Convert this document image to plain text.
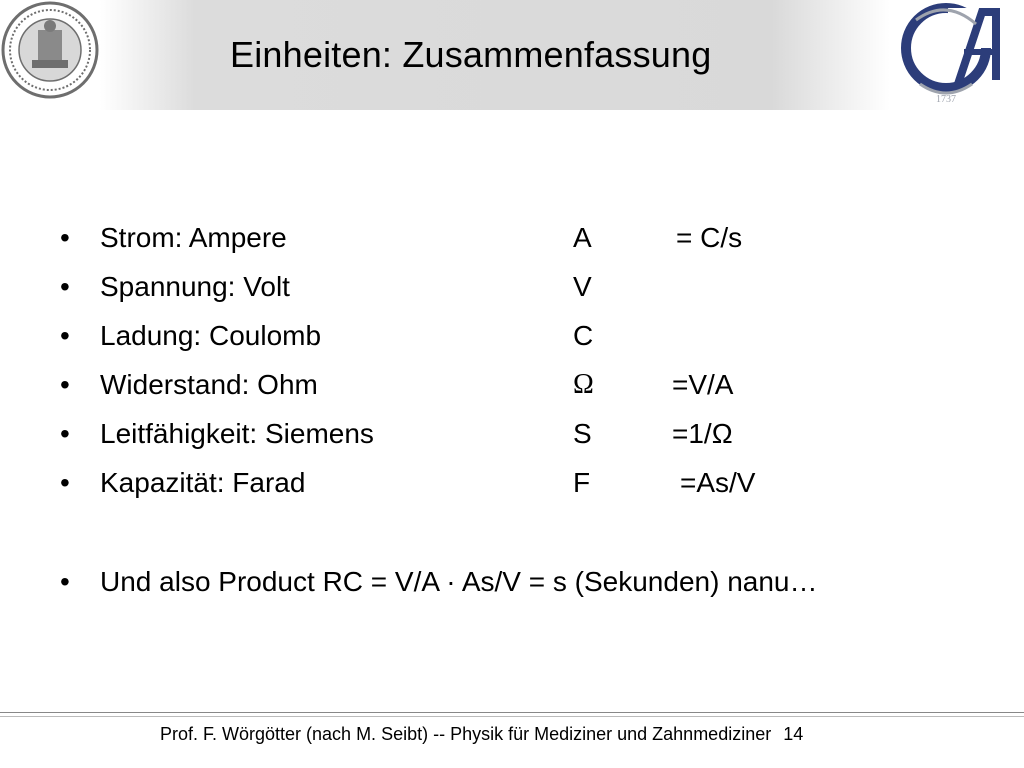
Einheiten: Zusammenfassung
1737
• Strom: Ampere	A	= C/s
• Spannung: Volt	V
• Ladung: Coulomb	C
• Widerstand: Ohm	Ω	=V/A
• Leitfähigkeit: Siemens	S	=1/Ω
• Kapazität: Farad	F	=As/V
• Und also Product RC = V/A · As/V = s (Sekunden) nanu…
Prof. F. Wörgötter (nach M. Seibt) -- Physik für Mediziner und Zahnmediziner 14
